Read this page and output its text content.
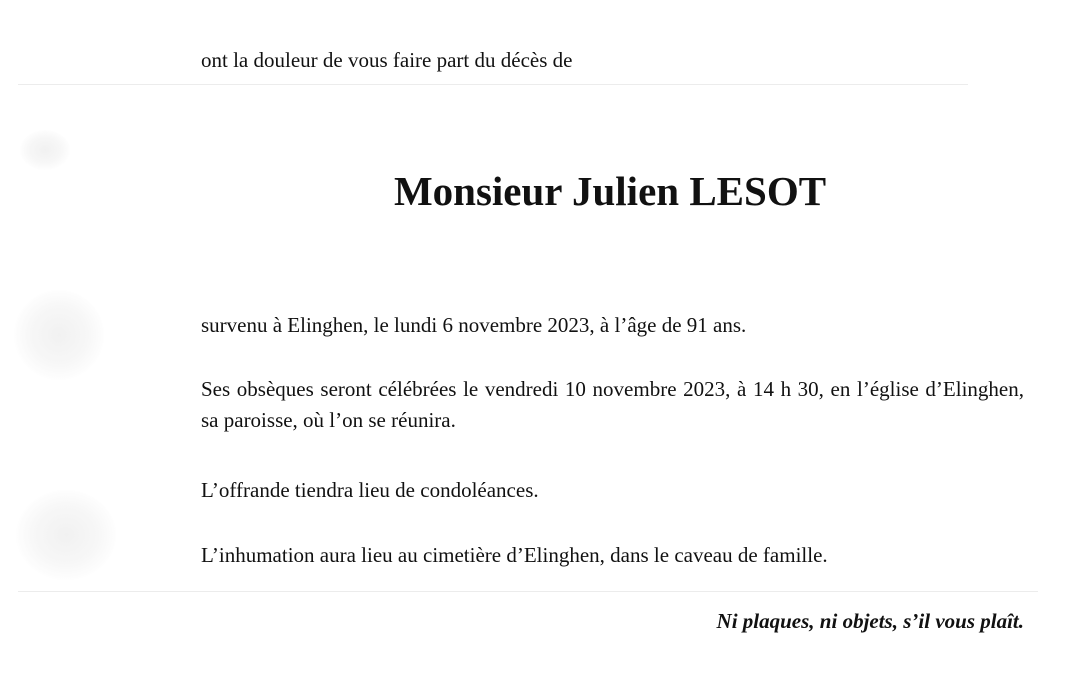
ont la douleur de vous faire part du décès de
Monsieur Julien LESOT
survenu à Elinghen, le lundi 6 novembre 2023, à l’âge de 91 ans.
Ses obsèques seront célébrées le vendredi 10 novembre 2023, à 14 h 30, en l’église d’Elinghen, sa paroisse, où l’on se réunira.
L’offrande tiendra lieu de condoléances.
L’inhumation aura lieu au cimetière d’Elinghen, dans le caveau de famille.
Ni plaques, ni objets, s’il vous plaît.
